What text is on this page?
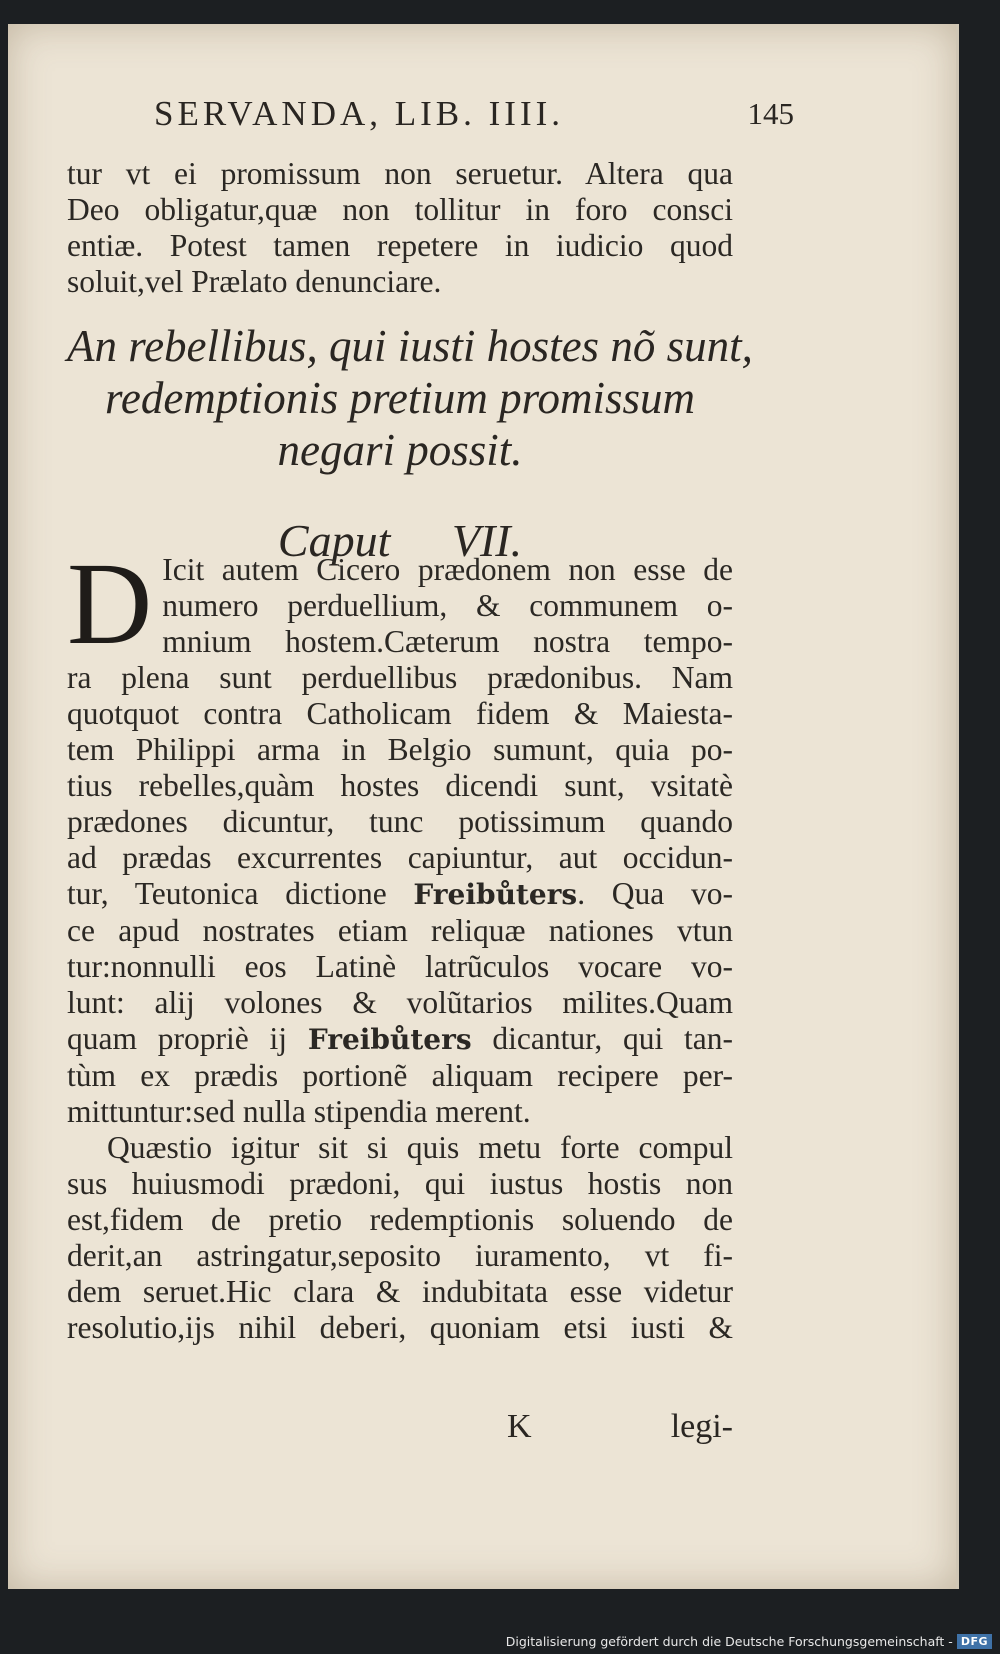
SERVANDA, LIB. IIII.	145
tur vt ei promissum non seruetur. Altera qua
Deo obligatur,quæ non tollitur in foro consci
entiæ. Potest tamen repetere in iudicio quod
soluit,vel Prælato denunciare.
An rebellibus, qui iusti hostes nõ sunt,
redemptionis pretium promissum
negari possit.
Caput VII.
D Icit autem Cicero prædonem non esse de
numero perduellium, & communem o-
mnium hostem.Cæterum nostra tempo-
ra plena sunt perduellibus prædonibus. Nam
quotquot contra Catholicam fidem & Maiesta-
tem Philippi arma in Belgio sumunt, quia po-
tius rebelles,quàm hostes dicendi sunt, vsitatè
prædones dicuntur, tunc potissimum quando
ad prædas excurrentes capiuntur, aut occidun-
tur, Teutonica dictione Freibůters. Qua vo-
ce apud nostrates etiam reliquæ nationes vtun
tur:nonnulli eos Latinè latrũculos vocare vo-
lunt: alij volones & volũtarios milites.Quam
quam propriè ij Freibůters dicantur, qui tan-
tùm ex prædis portionẽ aliquam recipere per-
mittuntur:sed nulla stipendia merent.
Quæstio igitur sit si quis metu forte compul
sus huiusmodi prædoni, qui iustus hostis non
est,fidem de pretio redemptionis soluendo de
derit,an astringatur,seposito iuramento, vt fi-
dem seruet.Hic clara & indubitata esse videtur
resolutio,ijs nihil deberi, quoniam etsi iusti &
K	legi-
Digitalisierung gefördert durch die Deutsche Forschungsgemeinschaft - DFG
